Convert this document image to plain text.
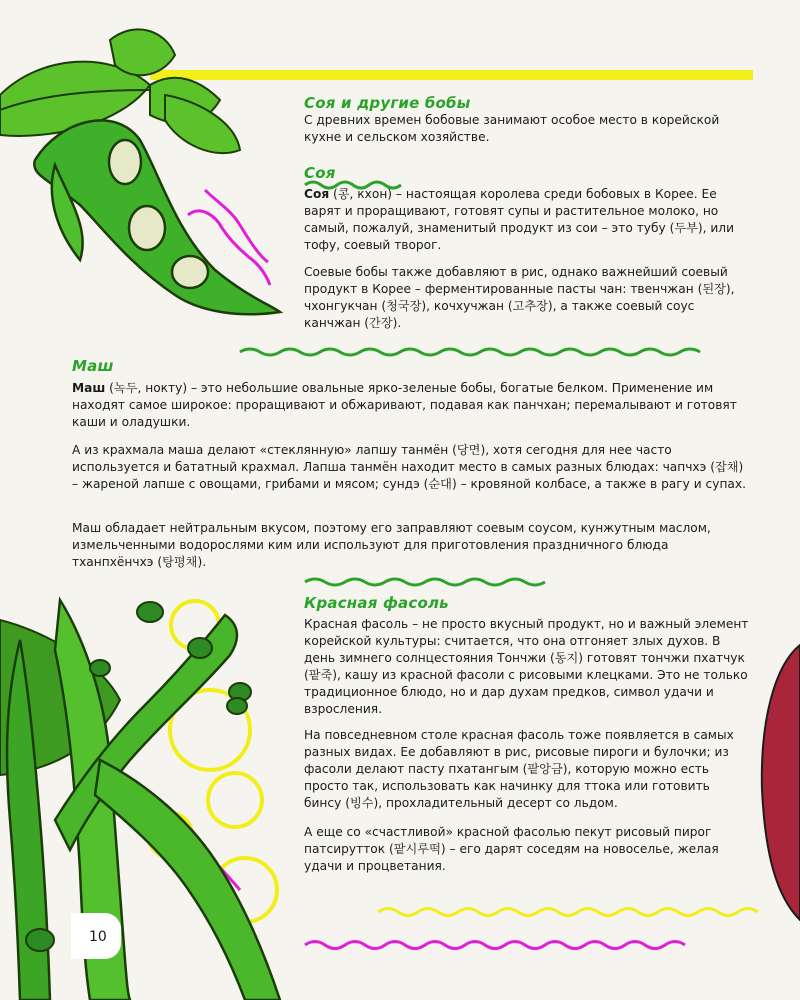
Соя и другие бобы

С древних времен бобовые занимают особое место в корейской кухне и сельском хозяйстве.

Соя

Соя (콩, кхон) – настоящая королева среди бобовых в Корее. Ее варят и проращивают, готовят супы и растительное молоко, но самый, пожалуй, знаменитый продукт из сои – это тубу (두부), или тофу, соевый творог.

Соевые бобы также добавляют в рис, однако важнейший соевый продукт в Корее – ферментированные пасты чан: твенчжан (된장), чхонгукчан (청국장), кочхучжан (고추장), а также соевый соус канчжан (간장).

Маш

Маш (녹두, нокту) – это небольшие овальные ярко-зеленые бобы, богатые белком. Применение им находят самое широкое: проращивают и обжаривают, подавая как панчхан; перемалывают и готовят каши и оладушки.

А из крахмала маша делают «стеклянную» лапшу танмён (당면), хотя сегодня для нее часто используется и батaтный крахмал. Лапша танмён находит место в самых разных блюдах: чапчхэ (잡채) – жареной лапше с овощами, грибами и мясом; сундэ (순대) – кровяной колбасе, а также в рагу и супах.

Маш обладает нейтральным вкусом, поэтому его заправляют соевым соусом, кунжутным маслом, измельченными водорослями ким или используют для приготовления праздничного блюда тханпхёнчхэ (탕평채).

Красная фасоль

Красная фасоль – не просто вкусный продукт, но и важный элемент корейской культуры: считается, что она отгоняет злых духов. В день зимнего солнцестояния Тончжи (동지) готовят тончжи пхатчук (팥죽), кашу из красной фасоли с рисовыми клецками. Это не только традиционное блюдо, но и дар духам предков, символ удачи и взросления.

На повседневном столе красная фасоль тоже появляется в самых разных видах. Ее добавляют в рис, рисовые пироги и булочки; из фасоли делают пасту пхатангым (팥앙금), которую можно есть просто так, использовать как начинку для ттока или готовить бинсу (빙수), прохладительный десерт со льдом.

А еще со «счастливой» красной фасолью пекут рисовый пирог патсирутток (팥시루떡) – его дарят соседям на новоселье, желая удачи и процветания.

10
